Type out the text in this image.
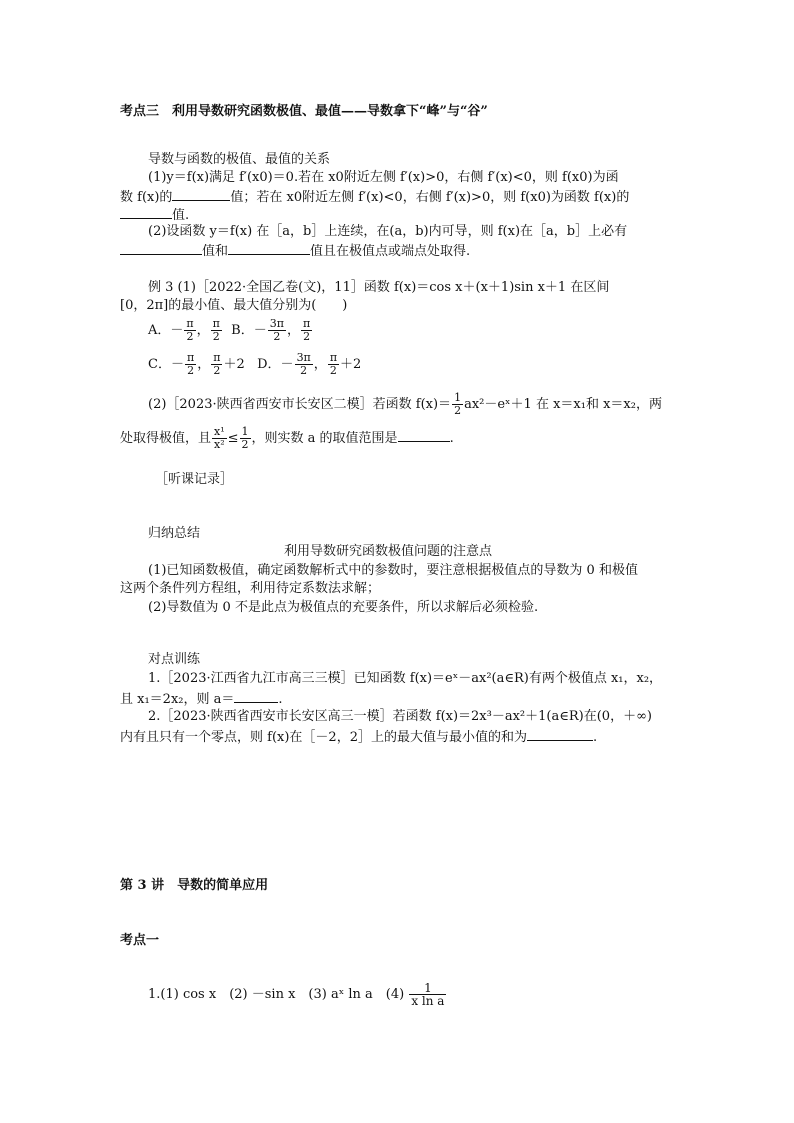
考点三　利用导数研究函数极值、最值——导数拿下“峰”与“谷”
导数与函数的极值、最值的关系
(1)y＝f(x)满足 f′(x0)＝0.若在 x0附近左侧 f′(x)>0，右侧 f′(x)<0，则 f(x0)为函
数 f(x)的	值；若在 x0附近左侧 f′(x)<0，右侧 f′(x)>0，则 f(x0)为函数 f(x)的
值.
(2)设函数 y＝f(x) 在［a，b］上连续，在(a，b)内可导，则 f(x)在［a，b］上必有
值和	值且在极值点或端点处取得.
例 3 (1)［2022·全国乙卷(文)，11］函数 f(x)＝cos x＋(x＋1)sin x＋1 在区间
[0，2π]的最小值、最大值分别为(　　)
A．－ $\frac{\pi}{2}$ ， $\frac{\pi}{2}$ B．－ $\frac{3\pi}{2}$ ， $\frac{\pi}{2}$
C．－ $\frac{\pi}{2}$ ， $\frac{\pi}{2} +2$ D．－ $\frac{3\pi}{2}$ ， $\frac{\pi}{2} +2$
(2)［2023·陕西省西安市长安区二模］若函数 $f(x)= \frac{1}{2}$ ax²－eˣ＋1 在 x＝x₁和 x＝x₂，两
处取得极值，且 $\frac{\text{x¹}}{\text{x²}} \le \frac{1}{2}$ ，则实数 a 的取值范围是	.
［听课记录］
归纳总结
利用导数研究函数极值问题的注意点
(1)已知函数极值，确定函数解析式中的参数时，要注意根据极值点的导数为 0 和极值
这两个条件列方程组，利用待定系数法求解；
(2)导数值为 0 不是此点为极值点的充要条件，所以求解后必须检验.
对点训练
1.［2023·江西省九江市高三三模］已知函数 f(x)＝eˣ－ax²(a∈R)有两个极值点 x₁，x₂，
且 x₁＝2x₂，则 a＝	.
2.［2023·陕西省西安市长安区高三一模］若函数 f(x)＝2x³－ax²＋1(a∈R)在(0，＋∞)
内有且只有一个零点，则 f(x)在［－2，2］上的最大值与最小值的和为	.
第 3 讲　导数的简单应用
考点一
1.(1) cos x　(2) －sin x　(3) aˣ ln a　$(4) \frac{1}{\text{x ln a}}$
